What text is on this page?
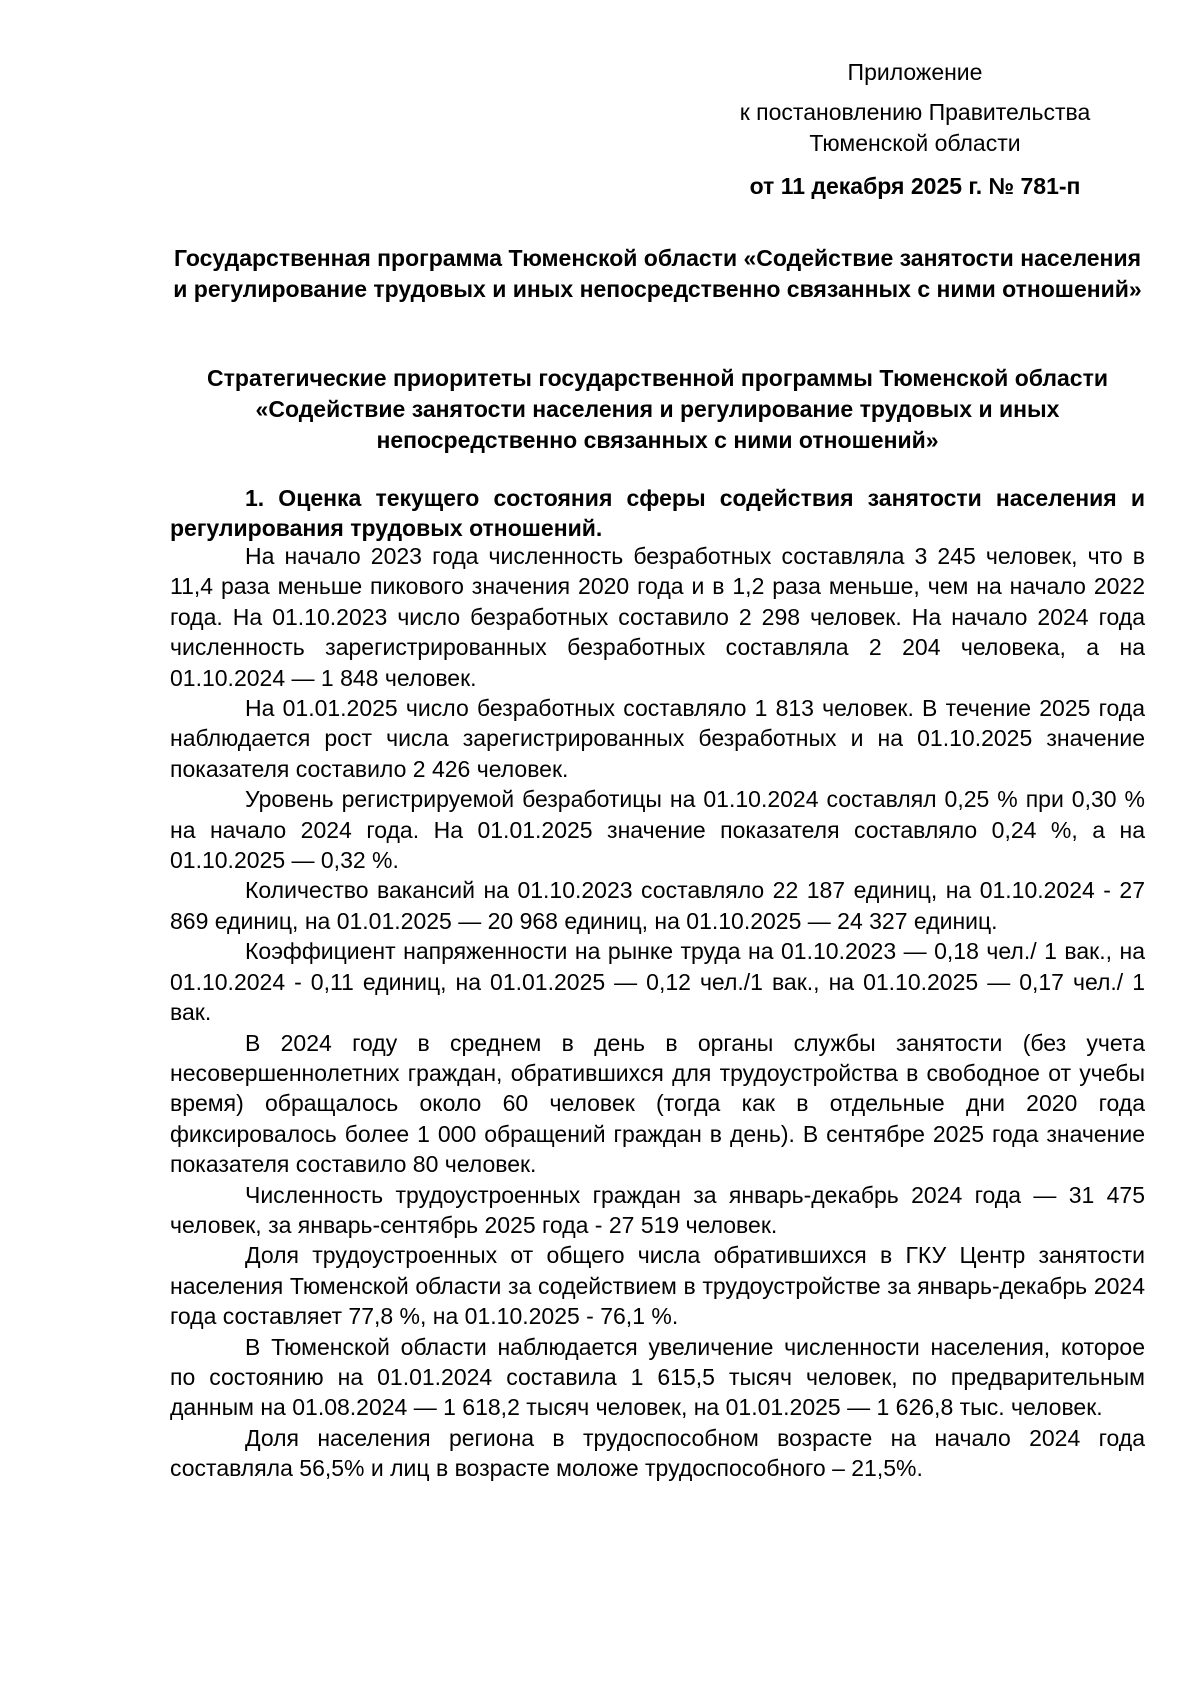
Приложение
к постановлению Правительства
Тюменской области
от 11 декабря 2025 г. № 781-п
Государственная программа Тюменской области «Содействие занятости населения и регулирование трудовых и иных непосредственно связанных с ними отношений»
Стратегические приоритеты государственной программы Тюменской области «Содействие занятости населения и регулирование трудовых и иных непосредственно связанных с ними отношений»
1. Оценка текущего состояния сферы содействия занятости населения и регулирования трудовых отношений.

На начало 2023 года численность безработных составляла 3 245 человек, что в 11,4 раза меньше пикового значения 2020 года и в 1,2 раза меньше, чем на начало 2022 года. На 01.10.2023 число безработных составило 2 298 человек. На начало 2024 года численность зарегистрированных безработных составляла 2 204 человека, а на 01.10.2024 — 1 848 человек.

На 01.01.2025 число безработных составляло 1 813 человек. В течение 2025 года наблюдается рост числа зарегистрированных безработных и на 01.10.2025 значение показателя составило 2 426 человек.

Уровень регистрируемой безработицы на 01.10.2024 составлял 0,25 % при 0,30 % на начало 2024 года. На 01.01.2025 значение показателя составляло 0,24 %, а на 01.10.2025 — 0,32 %.

Количество вакансий на 01.10.2023 составляло 22 187 единиц, на 01.10.2024 - 27 869 единиц, на 01.01.2025 — 20 968 единиц, на 01.10.2025 — 24 327 единиц.

Коэффициент напряженности на рынке труда на 01.10.2023 — 0,18 чел./ 1 вак., на 01.10.2024 - 0,11 единиц, на 01.01.2025 — 0,12 чел./1 вак., на 01.10.2025 — 0,17 чел./ 1 вак.

В 2024 году в среднем в день в органы службы занятости (без учета несовершеннолетних граждан, обратившихся для трудоустройства в свободное от учебы время) обращалось около 60 человек (тогда как в отдельные дни 2020 года фиксировалось более 1 000 обращений граждан в день). В сентябре 2025 года значение показателя составило 80 человек.

Численность трудоустроенных граждан за январь-декабрь 2024 года — 31 475 человек, за январь-сентябрь 2025 года - 27 519 человек.

Доля трудоустроенных от общего числа обратившихся в ГКУ Центр занятости населения Тюменской области за содействием в трудоустройстве за январь-декабрь 2024 года составляет 77,8 %, на 01.10.2025 - 76,1 %.

В Тюменской области наблюдается увеличение численности населения, которое по состоянию на 01.01.2024 составила 1 615,5 тысяч человек, по предварительным данным на 01.08.2024 — 1 618,2 тысяч человек, на 01.01.2025 — 1 626,8 тыс. человек.

Доля населения региона в трудоспособном возрасте на начало 2024 года составляла 56,5% и лиц в возрасте моложе трудоспособного – 21,5%.
